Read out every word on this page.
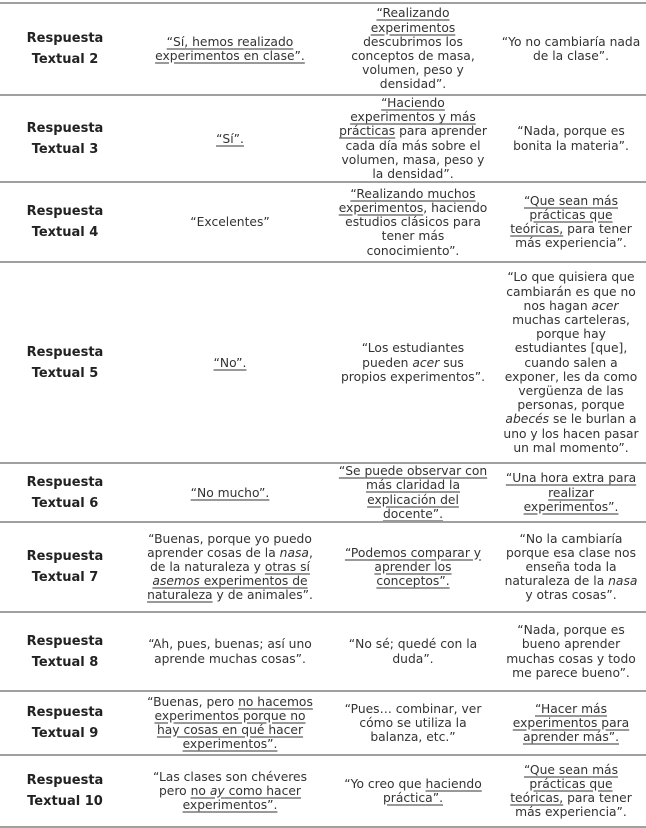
Respuesta
Textual 2	“Sí, hemos realizado experimentos en clase”.	“Realizando experimentos descubrimos los conceptos de masa, volumen, peso y densidad”.	“Yo no cambiaría nada de la clase”.

Respuesta
Textual 3	“Sí”.	“Haciendo experimentos y más prácticas para aprender cada día más sobre el volumen, masa, peso y la densidad”.	“Nada, porque es bonita la materia”.

Respuesta
Textual 4	“Excelentes”	“Realizando muchos experimentos, haciendo estudios clásicos para tener más conocimiento”.	“Que sean más prácticas que teóricas, para tener más experiencia”.

Respuesta
Textual 5	“No”.	“Los estudiantes pueden acer sus propios experimentos”.	“Lo que quisiera que cambiarán es que no nos hagan acer muchas carteleras, porque hay estudiantes [que], cuando salen a exponer, les da como vergüenza de las personas, porque abecés se le burlan a uno y los hacen pasar un mal momento”.

Respuesta
Textual 6	“No mucho”.	“Se puede observar con más claridad la explicación del docente”.	“Una hora extra para realizar experimentos”.

Respuesta
Textual 7	“Buenas, porque yo puedo aprender cosas de la nasa, de la naturaleza y otras sí asemos experimentos de naturaleza y de animales”.	“Podemos comparar y aprender los conceptos”.	“No la cambiaría porque esa clase nos enseña toda la naturaleza de la nasa y otras cosas”.

Respuesta
Textual 8	“Ah, pues, buenas; así uno aprende muchas cosas”.	“No sé; quedé con la duda”.	“Nada, porque es bueno aprender muchas cosas y todo me parece bueno”.

Respuesta
Textual 9	“Buenas, pero no hacemos experimentos porque no hay cosas en qué hacer experimentos”.	“Pues… combinar, ver cómo se utiliza la balanza, etc.”	“Hacer más experimentos para aprender más”.

Respuesta
Textual 10	“Las clases son chéveres pero no ay como hacer experimentos”.	“Yo creo que haciendo práctica”.	“Que sean más prácticas que teóricas, para tener más experiencia”.
